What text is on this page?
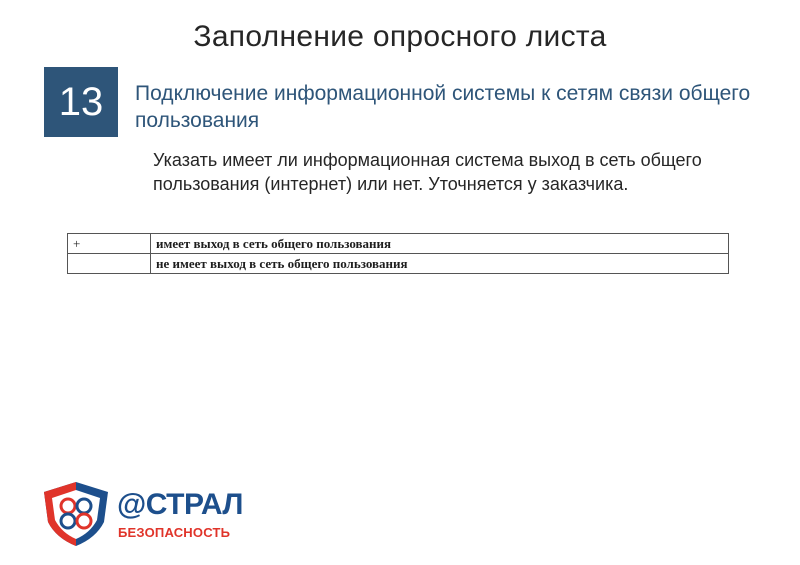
Заполнение опросного листа
13 Подключение информационной системы к сетям связи общего пользования
Указать имеет ли информационная система выход в сеть общего пользования (интернет) или нет. Уточняется у заказчика.
+	имеет выход в сеть общего пользования
	не имеет выход в сеть общего пользования
@СТРАЛ
БЕЗОПАСНОСТЬ
